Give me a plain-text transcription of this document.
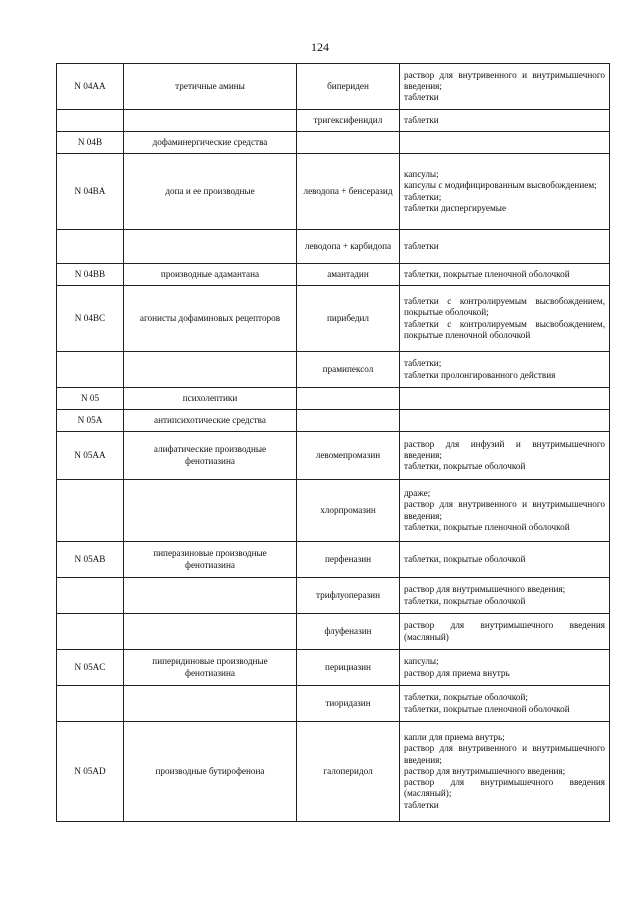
124
N 04AA	третичные амины	бипериден	раствор для внутривенного и внутримышечного введения;
таблетки

		тригексифенидил	таблетки

N 04B	дофаминергические средства		
N 04BA	допа и ее производные	леводопа + бенсеразид	капсулы;
капсулы с модифицированным высвобождением;
таблетки;
таблетки диспергируемые

		леводопа + карбидопа	таблетки

N 04BB	производные адамантана	амантадин	таблетки, покрытые пленочной оболочкой

N 04BC	агонисты дофаминовых рецепторов	пирибедил	таблетки с контролируемым высвобождением, покрытые оболочкой;
таблетки с контролируемым высвобождением, покрытые пленочной оболочкой

		прамипексол	таблетки;
таблетки пролонгированного действия

N 05	психолептики		
N 05A	антипсихотические средства		
N 05AA	алифатические производные фенотиазина	левомепромазин	раствор для инфузий и внутримышечного введения;
таблетки, покрытые оболочкой

		хлорпромазин	драже;
раствор для внутривенного и внутримышечного введения;
таблетки, покрытые пленочной оболочкой

N 05AB	пиперазиновые производные фенотиазина	перфеназин	таблетки, покрытые оболочкой

		трифлуоперазин	раствор для внутримышечного введения;
таблетки, покрытые оболочкой

		флуфеназин	раствор для внутримышечного введения (масляный)

N 05AC	пиперидиновые производные фенотиазина	перициазин	капсулы;
раствор для приема внутрь

		тиоридазин	таблетки, покрытые оболочкой;
таблетки, покрытые пленочной оболочкой

N 05AD	производные бутирофенона	галоперидол	капли для приема внутрь;
раствор для внутривенного и внутримышечного введения;
раствор для внутримышечного введения;
раствор для внутримышечного введения (масляный);
таблетки
